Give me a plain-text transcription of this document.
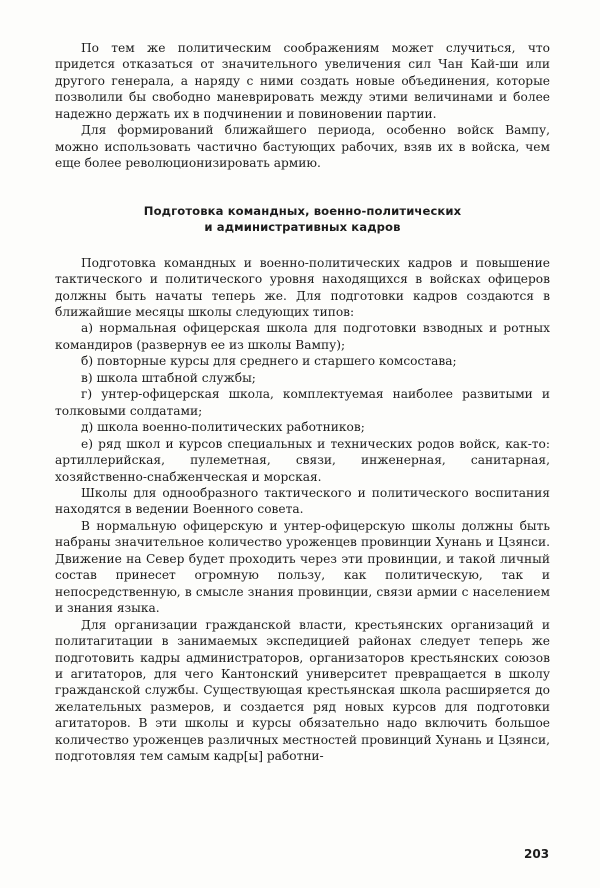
По тем же политическим соображениям может случиться, что придется отказаться от значительного увеличения сил Чан Кай-ши или другого генерала, а наряду с ними создать новые объединения, которые позволили бы свободно маневрировать между этими величинами и более надежно держать их в подчинении и повиновении партии.

Для формирований ближайшего периода, особенно войск Вампу, можно использовать частично бастующих рабочих, взяв их в войска, чем еще более революционизировать армию.

Подготовка командных, военно-политических
и административных кадров

Подготовка командных и военно-политических кадров и повышение тактического и политического уровня находящихся в войсках офицеров должны быть начаты теперь же. Для подготовки кадров создаются в ближайшие месяцы школы следующих типов:

а) нормальная офицерская школа для подготовки взводных и ротных командиров (развернув ее из школы Вампу);

б) повторные курсы для среднего и старшего комсостава;

в) школа штабной службы;

г) унтер-офицерская школа, комплектуемая наиболее развитыми и толковыми солдатами;

д) школа военно-политических работников;

е) ряд школ и курсов специальных и технических родов войск, как-то: артиллерийская, пулеметная, связи, инженерная, санитарная, хозяйственно-снабженческая и морская.

Школы для однообразного тактического и политического воспитания находятся в ведении Военного совета.

В нормальную офицерскую и унтер-офицерскую школы должны быть набраны значительное количество уроженцев провинции Хунань и Цзянси. Движение на Север будет проходить через эти провинции, и такой личный состав принесет огромную пользу, как политическую, так и непосредственную, в смысле знания провинции, связи армии с населением и знания языка.

Для организации гражданской власти, крестьянских организаций и политагитации в занимаемых экспедицией районах следует теперь же подготовить кадры администраторов, организаторов крестьянских союзов и агитаторов, для чего Кантонский университет превращается в школу гражданской службы. Существующая крестьянская школа расширяется до желательных размеров, и создается ряд новых курсов для подготовки агитаторов. В эти школы и курсы обязательно надо включить большое количество уроженцев различных местностей провинций Хунань и Цзянси, подготовляя тем самым кадр[ы] работни-

203
